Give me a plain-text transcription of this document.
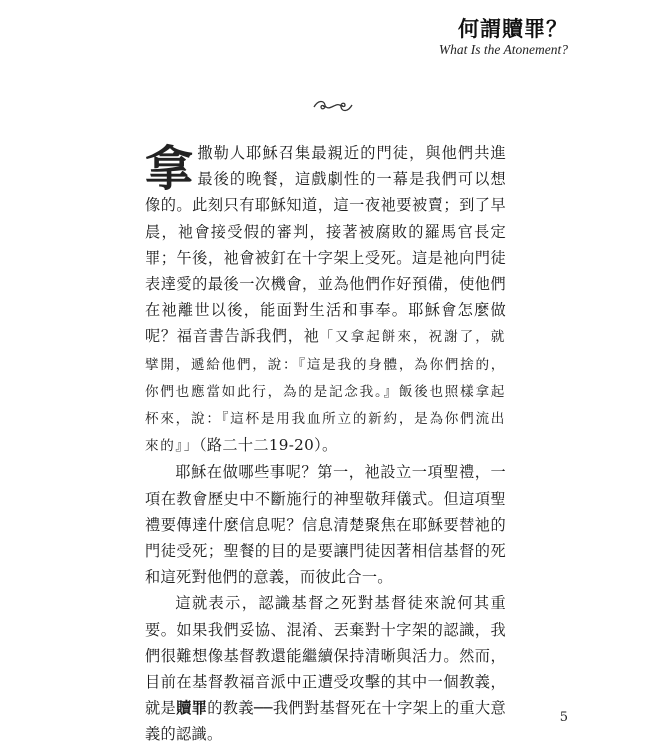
何謂贖罪？
What Is the Atonement?

拿撒勒人耶穌召集最親近的門徒，與他們共進最後的晚餐，這戲劇性的一幕是我們可以想像的。此刻只有耶穌知道，這一夜祂要被賣；到了早晨，祂會接受假的審判，接著被腐敗的羅馬官長定罪；午後，祂會被釘在十字架上受死。這是祂向門徒表達愛的最後一次機會，並為他們作好預備，使他們在祂離世以後，能面對生活和事奉。耶穌會怎麼做呢？福音書告訴我們，祂「又拿起餅來，祝謝了，就擘開，遞給他們，說：『這是我的身體，為你們捨的，你們也應當如此行，為的是記念我。』飯後也照樣拿起杯來，說：『這杯是用我血所立的新約，是為你們流出來的』」（路二十二19-20）。

耶穌在做哪些事呢？第一，祂設立一項聖禮，一項在教會歷史中不斷施行的神聖敬拜儀式。但這項聖禮要傳達什麼信息呢？信息清楚聚焦在耶穌要替祂的門徒受死；聖餐的目的是要讓門徒因著相信基督的死和這死對他們的意義，而彼此合一。

這就表示，認識基督之死對基督徒來說何其重要。如果我們妥協、混淆、丟棄對十字架的認識，我們很難想像基督教還能繼續保持清晰與活力。然而，目前在基督教福音派中正遭受攻擊的其中一個教義，就是贖罪的教義──我們對基督死在十字架上的重大意義的認識。

5
